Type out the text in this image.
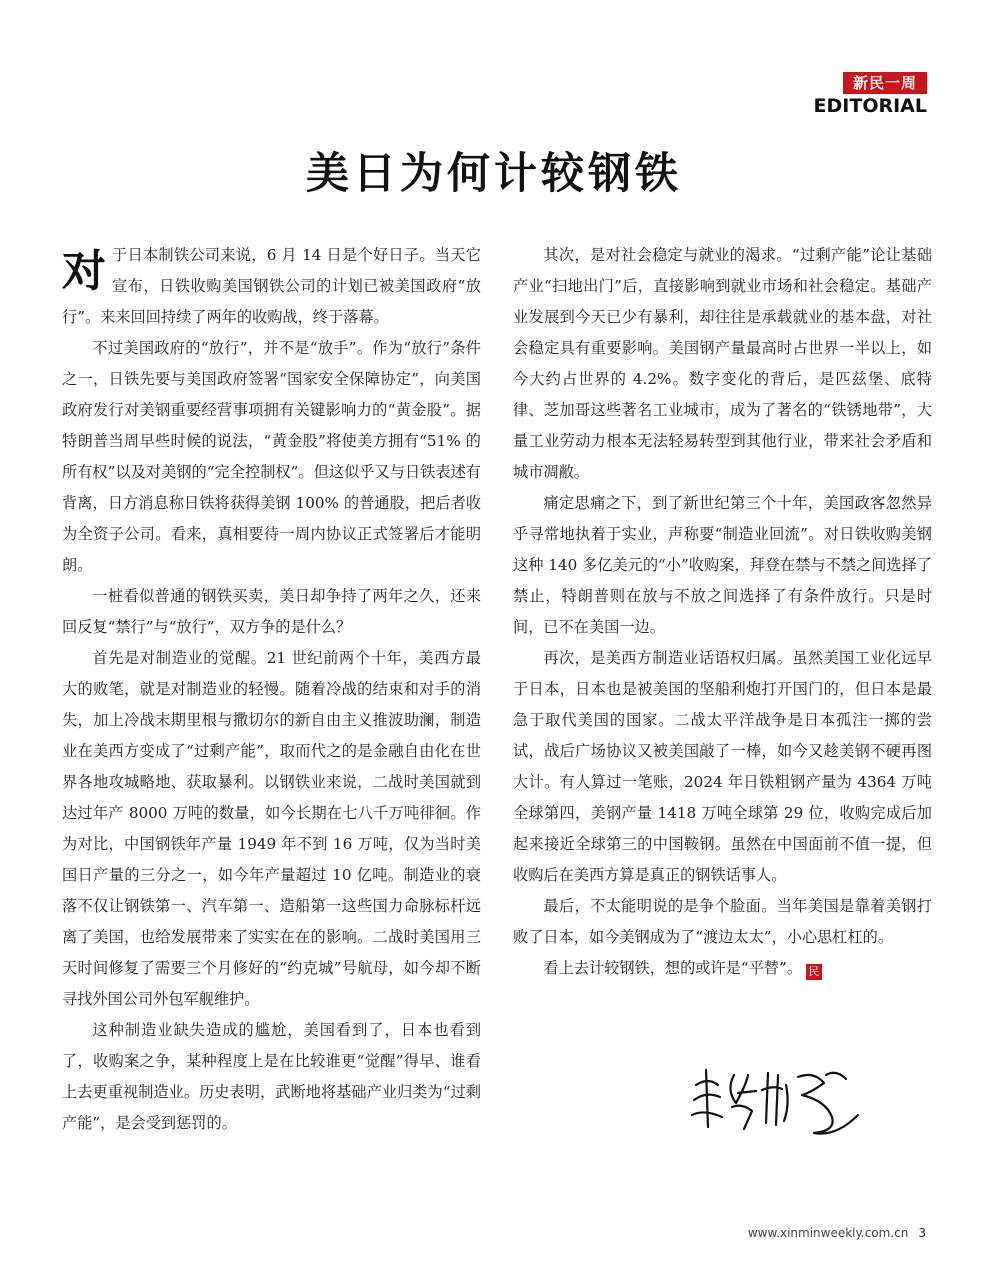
新民一周
EDITORIAL
美日为何计较钢铁

对于日本制铁公司来说，6 月 14 日是个好日子。当天它宣布，日铁收购美国钢铁公司的计划已被美国政府“放行”。来来回回持续了两年的收购战，终于落幕。

不过美国政府的“放行”，并不是“放手”。作为“放行”条件之一，日铁先要与美国政府签署“国家安全保障协定”，向美国政府发行对美钢重要经营事项拥有关键影响力的“黄金股”。据特朗普当周早些时候的说法，“黄金股”将使美方拥有“51% 的所有权”以及对美钢的“完全控制权”。但这似乎又与日铁表述有背离，日方消息称日铁将获得美钢 100% 的普通股，把后者收为全资子公司。看来，真相要待一周内协议正式签署后才能明朗。

一桩看似普通的钢铁买卖，美日却争持了两年之久，还来回反复“禁行”与“放行”，双方争的是什么？

首先是对制造业的觉醒。21 世纪前两个十年，美西方最大的败笔，就是对制造业的轻慢。随着冷战的结束和对手的消失，加上冷战末期里根与撒切尔的新自由主义推波助澜，制造业在美西方变成了“过剩产能”，取而代之的是金融自由化在世界各地攻城略地、获取暴利。以钢铁业来说，二战时美国就到达过年产 8000 万吨的数量，如今长期在七八千万吨徘徊。作为对比，中国钢铁年产量 1949 年不到 16 万吨，仅为当时美国日产量的三分之一，如今年产量超过 10 亿吨。制造业的衰落不仅让钢铁第一、汽车第一、造船第一这些国力命脉标杆远离了美国，也给发展带来了实实在在的影响。二战时美国用三天时间修复了需要三个月修好的“约克城”号航母，如今却不断寻找外国公司外包军舰维护。

这种制造业缺失造成的尴尬，美国看到了，日本也看到了，收购案之争，某种程度上是在比较谁更“觉醒”得早、谁看上去更重视制造业。历史表明，武断地将基础产业归类为“过剩产能”，是会受到惩罚的。

其次，是对社会稳定与就业的渴求。“过剩产能”论让基础产业“扫地出门”后，直接影响到就业市场和社会稳定。基础产业发展到今天已少有暴利，却往往是承载就业的基本盘，对社会稳定具有重要影响。美国钢产量最高时占世界一半以上，如今大约占世界的 4.2%。数字变化的背后，是匹兹堡、底特律、芝加哥这些著名工业城市，成为了著名的“铁锈地带”，大量工业劳动力根本无法轻易转型到其他行业，带来社会矛盾和城市凋敝。

痛定思痛之下，到了新世纪第三个十年，美国政客忽然异乎寻常地执着于实业，声称要“制造业回流”。对日铁收购美钢这种 140 多亿美元的“小”收购案，拜登在禁与不禁之间选择了禁止，特朗普则在放与不放之间选择了有条件放行。只是时间，已不在美国一边。

再次，是美西方制造业话语权归属。虽然美国工业化远早于日本，日本也是被美国的坚船利炮打开国门的，但日本是最急于取代美国的国家。二战太平洋战争是日本孤注一掷的尝试，战后广场协议又被美国敲了一棒，如今又趁美钢不硬再图大计。有人算过一笔账，2024 年日铁粗钢产量为 4364 万吨全球第四，美钢产量 1418 万吨全球第 29 位，收购完成后加起来接近全球第三的中国鞍钢。虽然在中国面前不值一提，但收购后在美西方算是真正的钢铁话事人。

最后，不太能明说的是争个脸面。当年美国是靠着美钢打败了日本，如今美钢成为了“渡边太太”，小心思杠杠的。

看上去计较钢铁，想的或许是“平替”。 民

www.xinminweekly.com.cn 3
